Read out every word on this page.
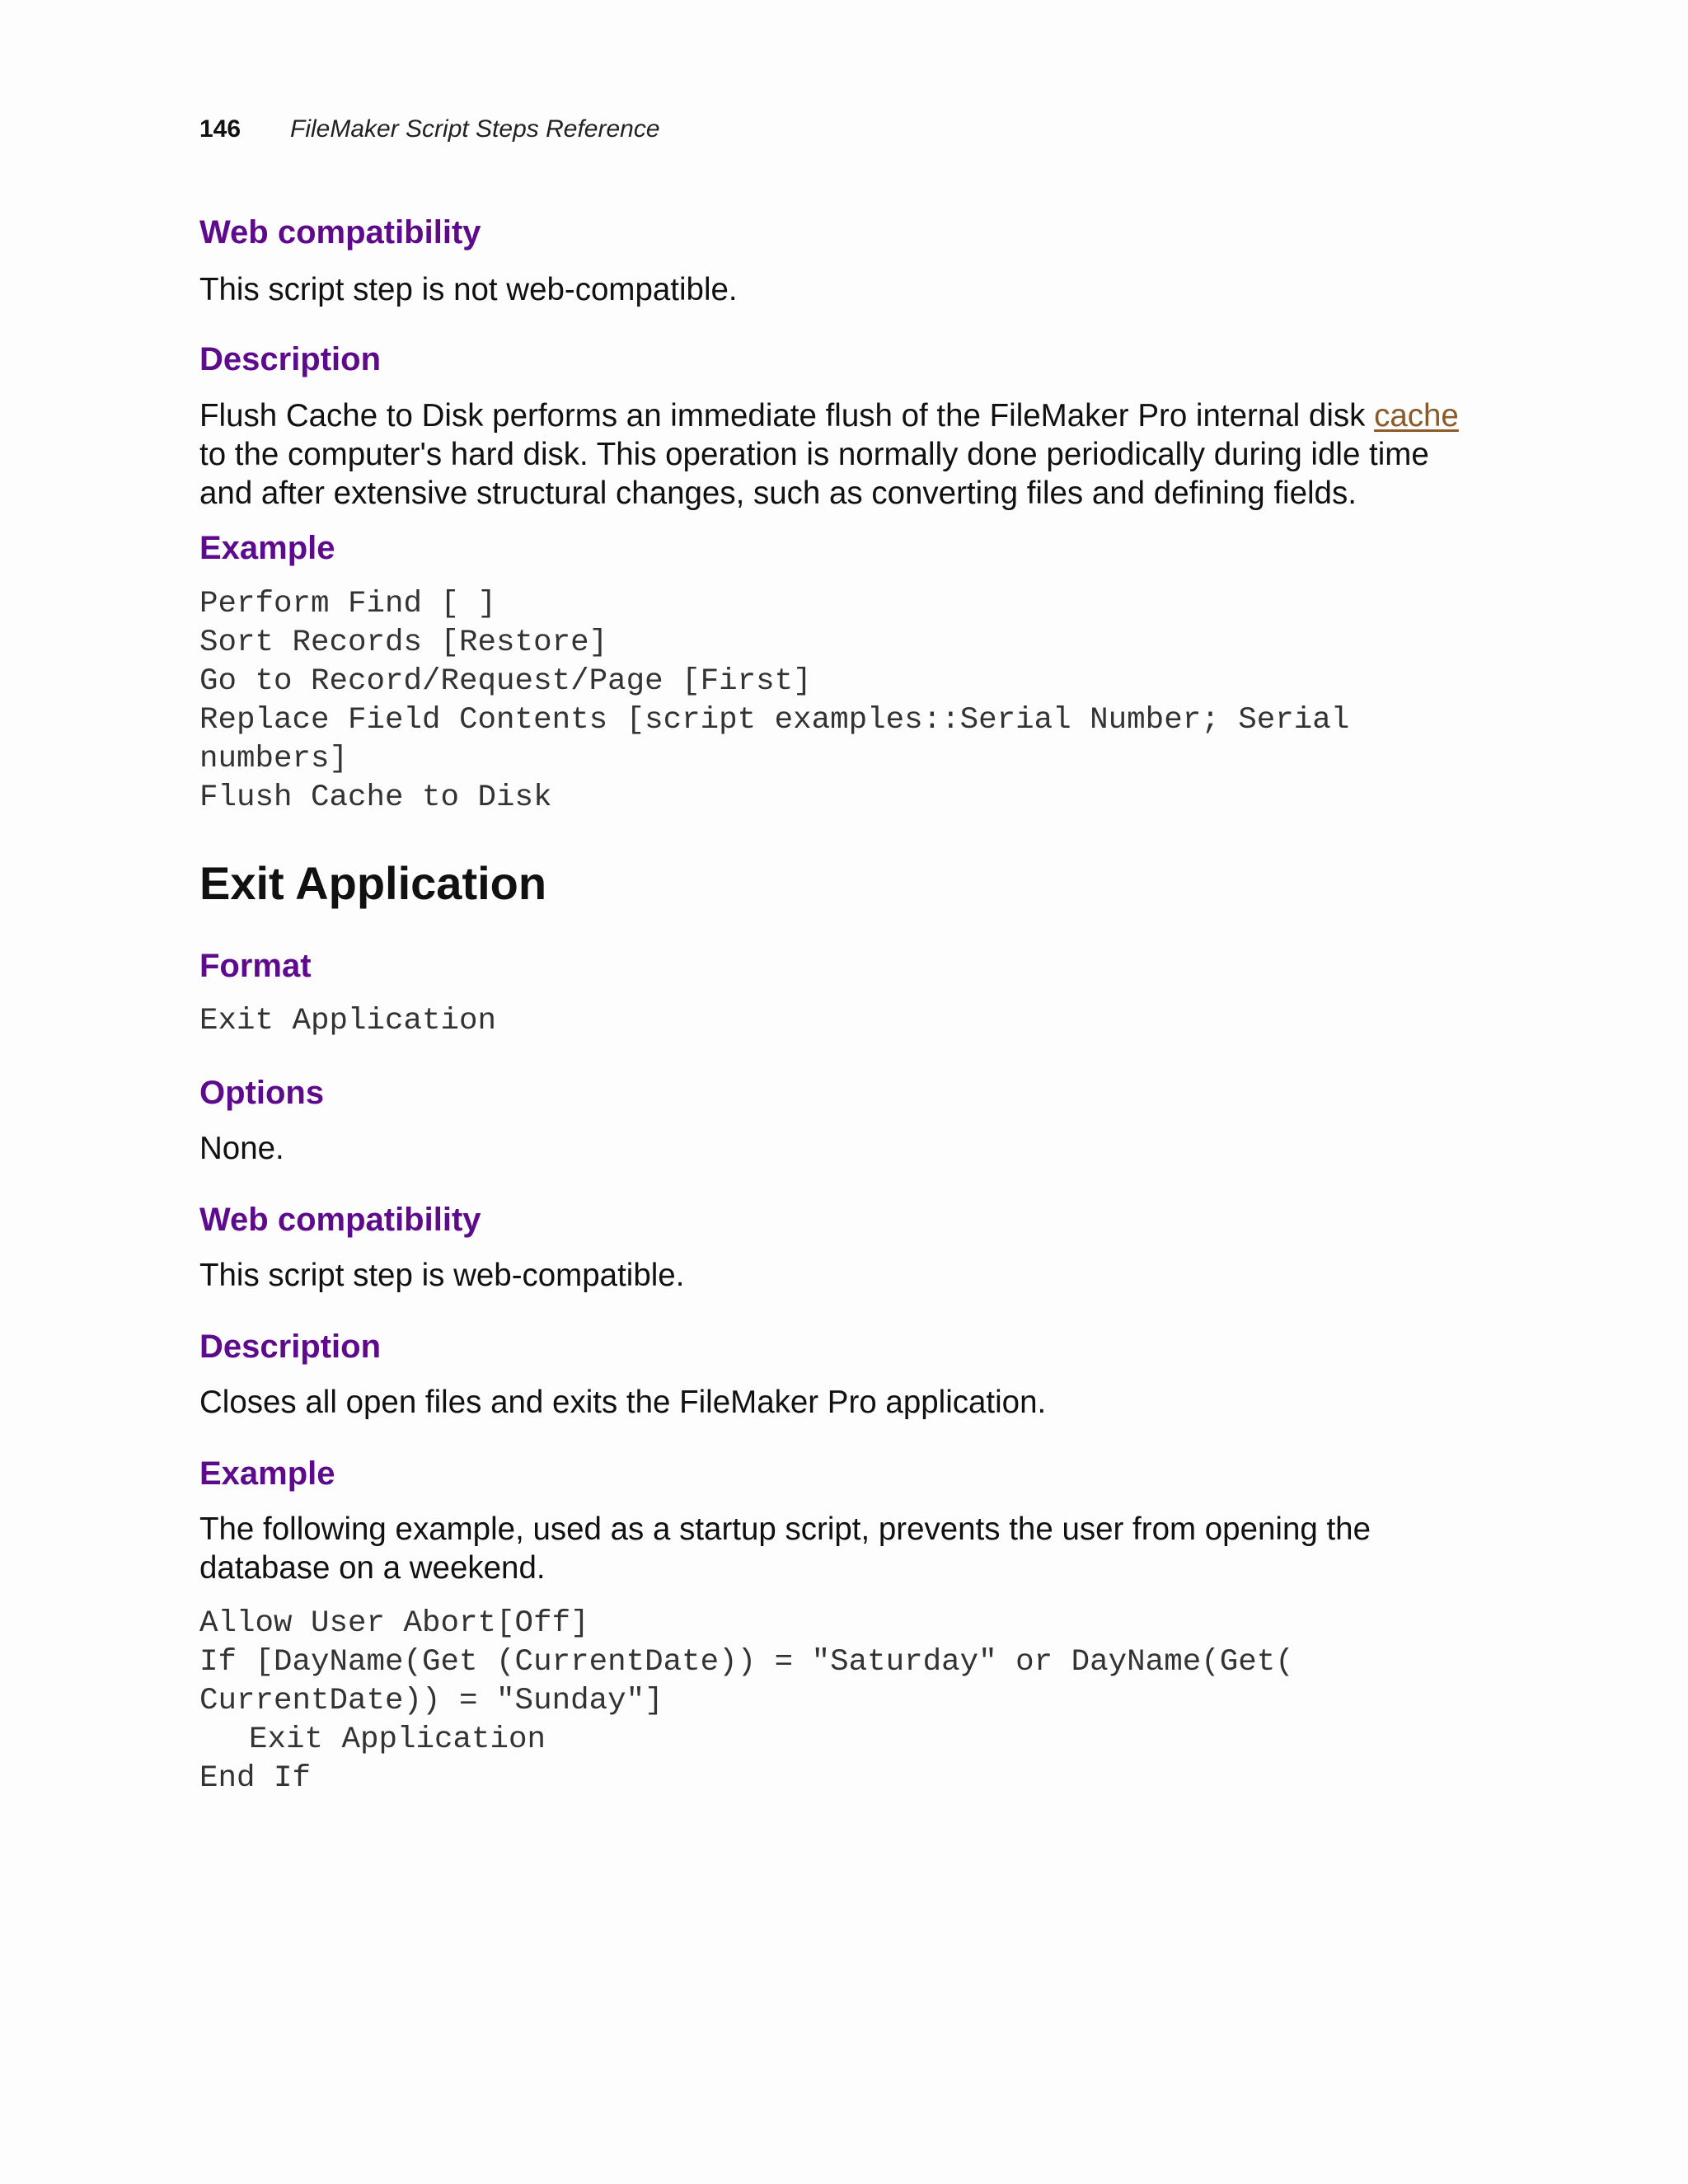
146	FileMaker Script Steps Reference
Web compatibility

This script step is not web-compatible.

Description

Flush Cache to Disk performs an immediate flush of the FileMaker Pro internal disk cache
to the computer's hard disk. This operation is normally done periodically during idle time
and after extensive structural changes, such as converting files and defining fields.

Example
Perform Find [ ]
Sort Records [Restore]
Go to Record/Request/Page [First]
Replace Field Contents [script examples::Serial Number; Serial
numbers]
Flush Cache to Disk
Exit Application
Format
Exit Application
Options

None.

Web compatibility

This script step is web-compatible.

Description

Closes all open files and exits the FileMaker Pro application.

Example

The following example, used as a startup script, prevents the user from opening the
database on a weekend.

Allow User Abort[Off]
If [DayName(Get (CurrentDate)) = "Saturday" or DayName(Get(
CurrentDate)) = "Sunday"]
Exit Application
End If
